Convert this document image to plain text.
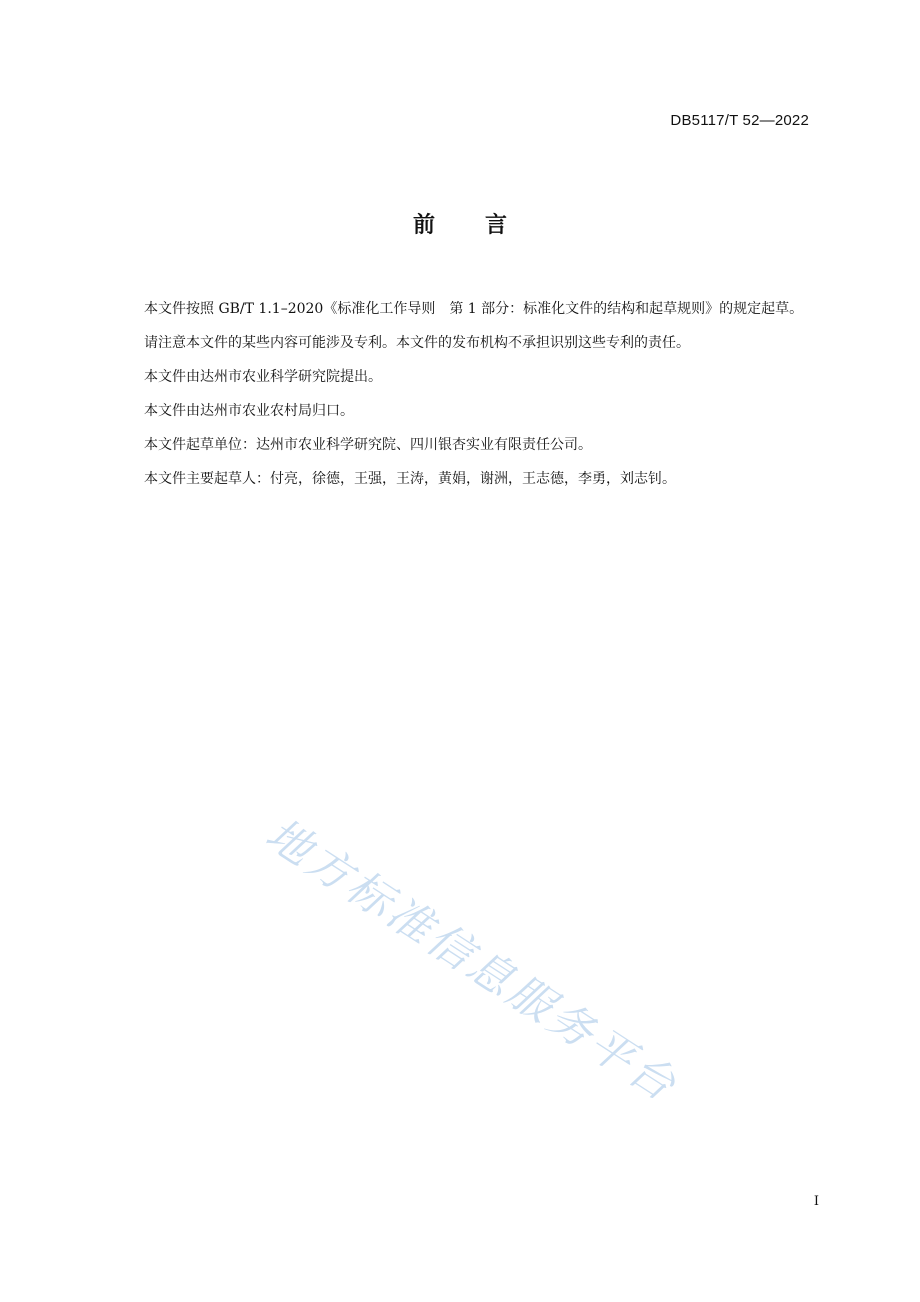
DB5117/T 52—2022
前 言

本文件按照 GB/T 1.1–2020《标准化工作导则　第 1 部分：标准化文件的结构和起草规则》的规定起草。

请注意本文件的某些内容可能涉及专利。本文件的发布机构不承担识别这些专利的责任。

本文件由达州市农业科学研究院提出。

本文件由达州市农业农村局归口。

本文件起草单位：达州市农业科学研究院、四川银杏实业有限责任公司。

本文件主要起草人：付亮，徐德，王强，王涛，黄娟，谢洲，王志德，李勇，刘志钊。

地方标准信息服务平台
I
